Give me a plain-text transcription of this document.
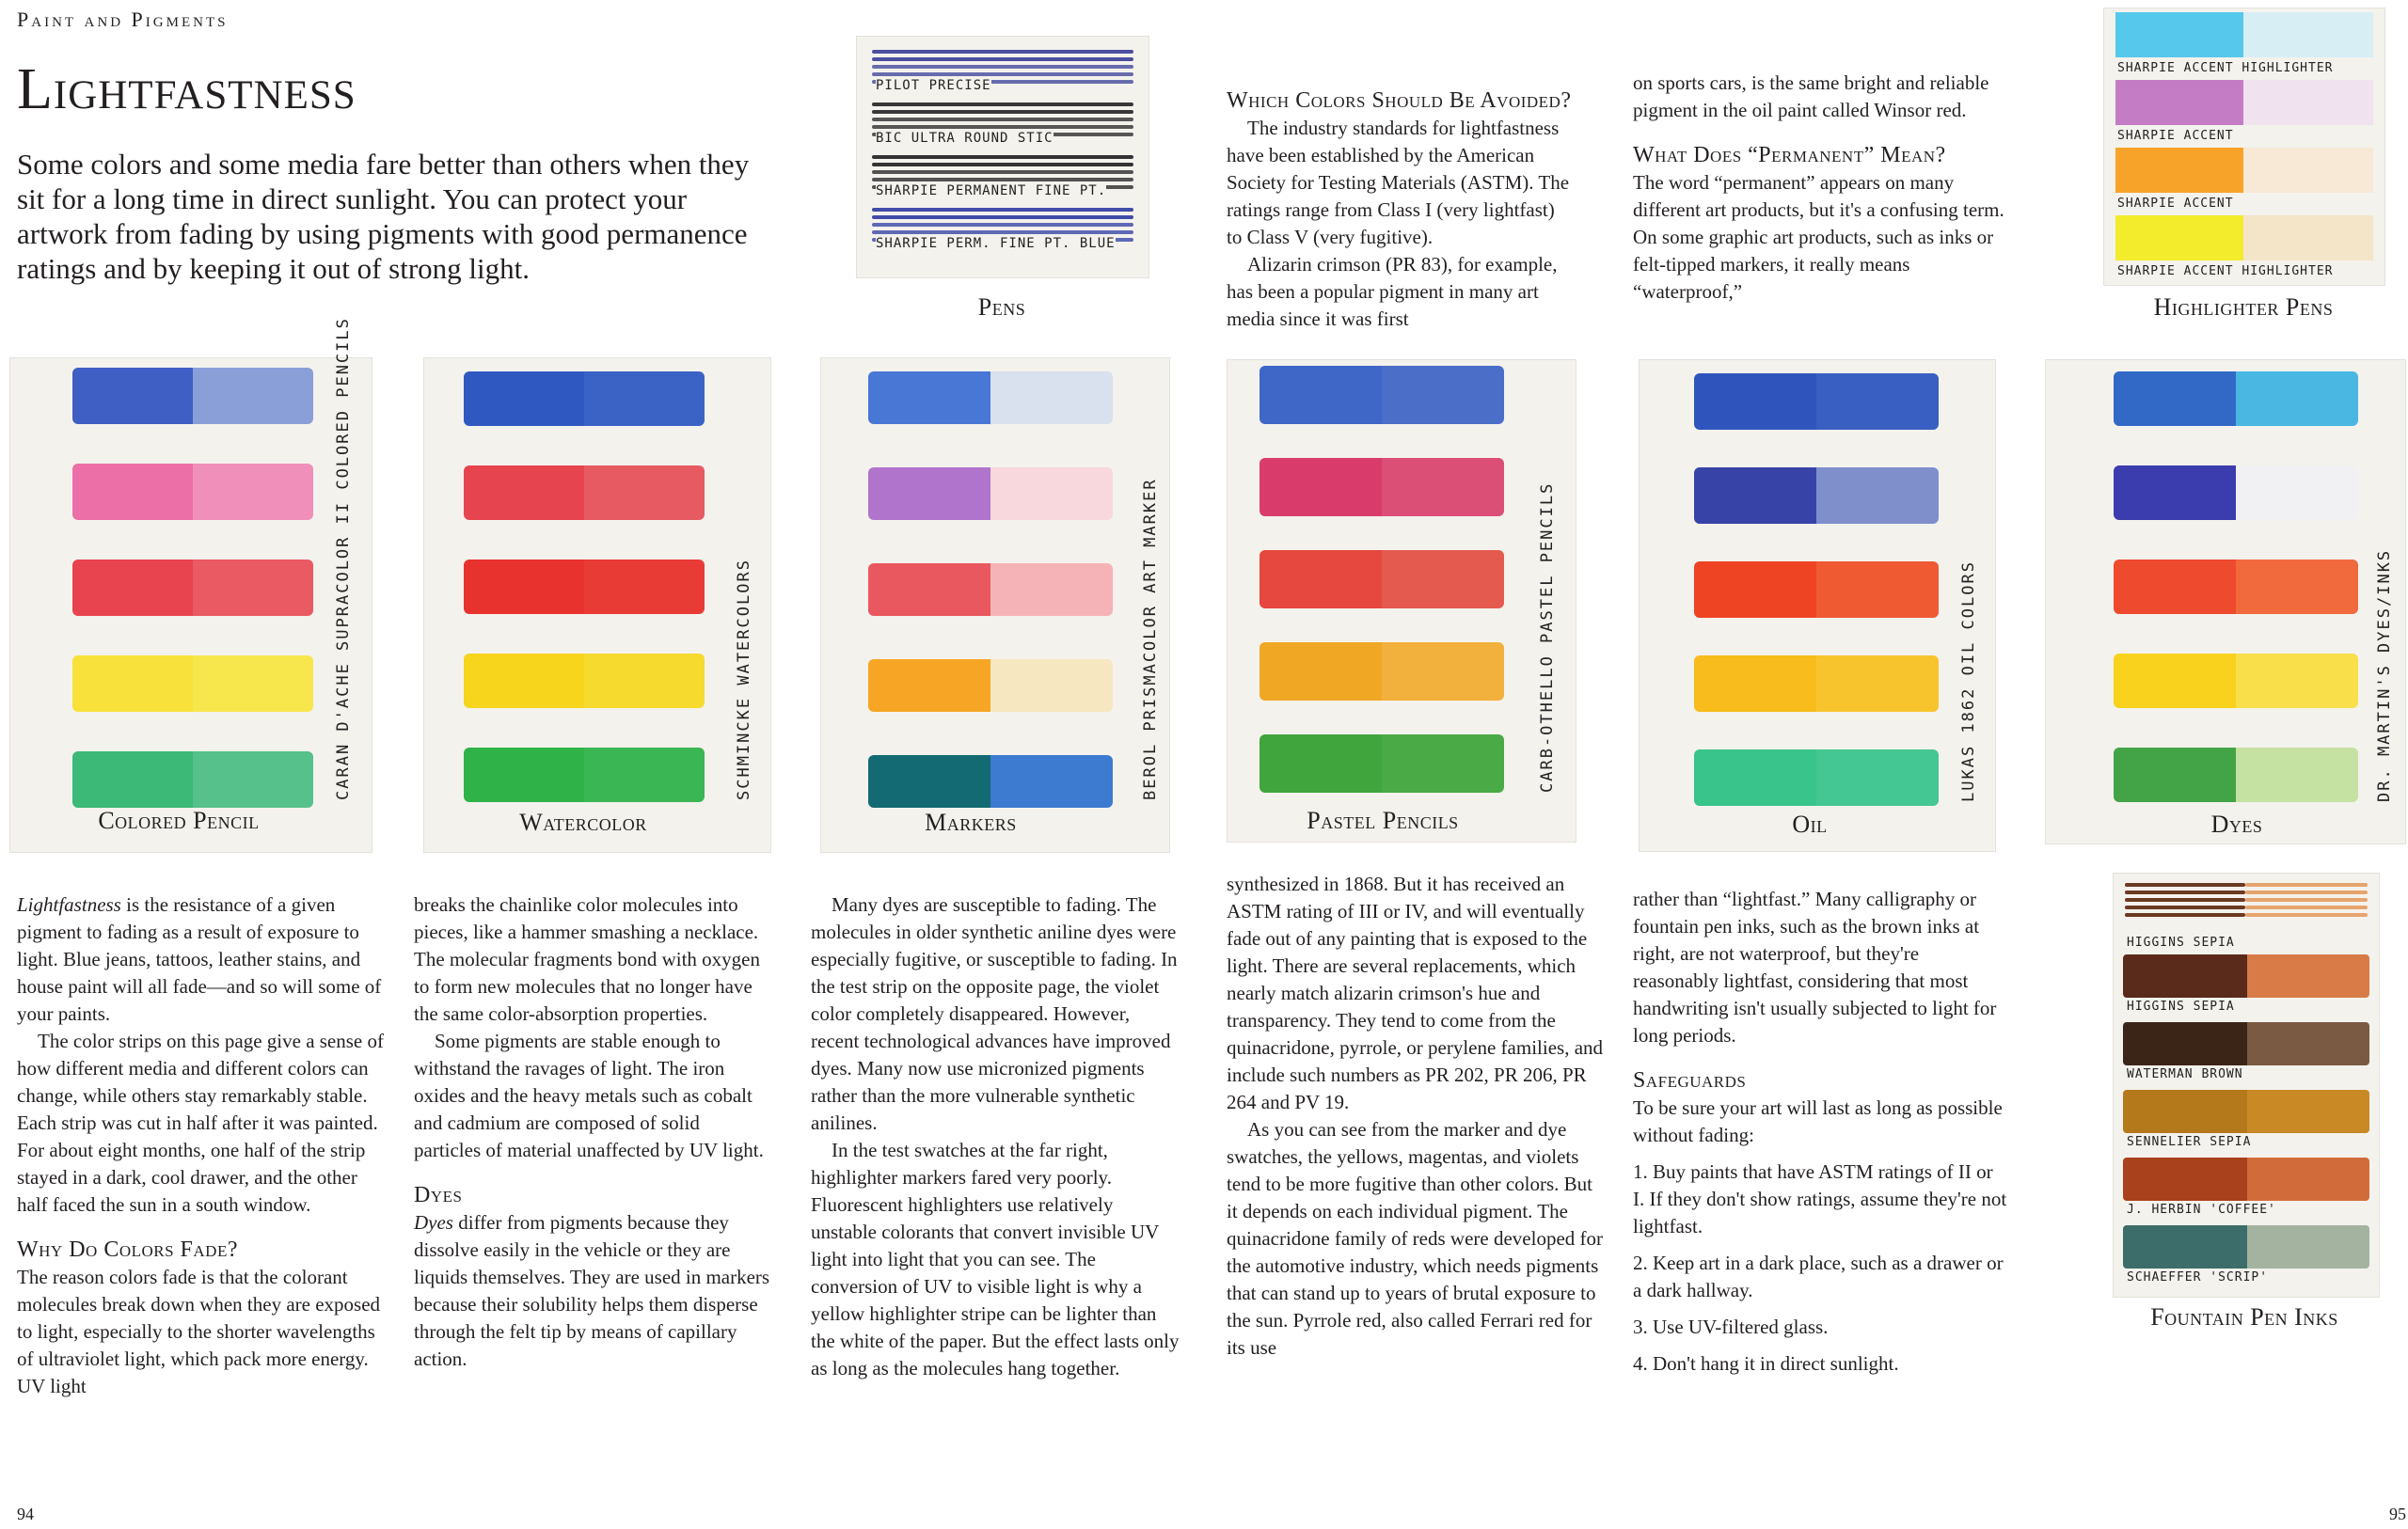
Paint and Pigments
Lightfastness
Some colors and some media fare better than others when they sit for a long time in direct sunlight. You can protect your artwork from fading by using pigments with good permanence ratings and by keeping it out of strong light.
PILOT PRECISE
BIC ULTRA ROUND STIC
SHARPIE PERMANENT FINE PT.
SHARPIE PERM. FINE PT. BLUE
Pens
SHARPIE ACCENT HIGHLIGHTER
SHARPIE ACCENT
SHARPIE ACCENT
SHARPIE ACCENT HIGHLIGHTER
Highlighter Pens
Which Colors Should Be Avoided?

The industry standards for lightfastness have been established by the American Society for Testing Materials (ASTM). The ratings range from Class I (very lightfast) to Class V (very fugitive).

Alizarin crimson (PR 83), for example, has been a popular pigment in many art media since it was first

on sports cars, is the same bright and reliable pigment in the oil paint called Winsor red.

What Does “Permanent” Mean?

The word “permanent” appears on many different art products, but it's a confusing term. On some graphic art products, such as inks or felt-tipped markers, it really means “waterproof,”

CARAN D'ACHE SUPRACOLOR II COLORED PENCILS	SCHMINCKE WATERCOLORS	BEROL PRISMACOLOR ART MARKER	CARB-OTHELLO PASTEL PENCILS	LUKAS 1862 OIL COLORS	DR. MARTIN'S DYES/INKS
Colored Pencil	Watercolor	Markers	Pastel Pencils	Oil	Dyes
HIGGINS SEPIA
HIGGINS SEPIA
WATERMAN BROWN
SENNELIER SEPIA
J. HERBIN 'COFFEE'
SCHAEFFER 'SCRIP'
Fountain Pen Inks

Lightfastness is the resistance of a given pigment to fading as a result of exposure to light. Blue jeans, tattoos, leather stains, and house paint will all fade—and so will some of your paints.

The color strips on this page give a sense of how different media and different colors can change, while others stay remarkably stable. Each strip was cut in half after it was painted. For about eight months, one half of the strip stayed in a dark, cool drawer, and the other half faced the sun in a south window.

Why Do Colors Fade?

The reason colors fade is that the colorant molecules break down when they are exposed to light, especially to the shorter wavelengths of ultraviolet light, which pack more energy. UV light

breaks the chainlike color molecules into pieces, like a hammer smashing a necklace. The molecular fragments bond with oxygen to form new molecules that no longer have the same color-absorption properties.

Some pigments are stable enough to withstand the ravages of light. The iron oxides and the heavy metals such as cobalt and cadmium are composed of solid particles of material unaffected by UV light.

Dyes

Dyes differ from pigments because they dissolve easily in the vehicle or they are liquids themselves. They are used in markers because their solubility helps them disperse through the felt tip by means of capillary action.

Many dyes are susceptible to fading. The molecules in older synthetic aniline dyes were especially fugitive, or susceptible to fading. In the test strip on the opposite page, the violet color completely disappeared. However, recent technological advances have improved dyes. Many now use micronized pigments rather than the more vulnerable synthetic anilines.

In the test swatches at the far right, highlighter markers fared very poorly. Fluorescent highlighters use relatively unstable colorants that convert invisible UV light into light that you can see. The conversion of UV to visible light is why a yellow highlighter stripe can be lighter than the white of the paper. But the effect lasts only as long as the molecules hang together.

synthesized in 1868. But it has received an ASTM rating of III or IV, and will eventually fade out of any painting that is exposed to the light. There are several replacements, which nearly match alizarin crimson's hue and transparency. They tend to come from the quinacridone, pyrrole, or perylene families, and include such numbers as PR 202, PR 206, PR 264 and PV 19.

As you can see from the marker and dye swatches, the yellows, magentas, and violets tend to be more fugitive than other colors. But it depends on each individual pigment. The quinacridone family of reds were developed for the automotive industry, which needs pigments that can stand up to years of brutal exposure to the sun. Pyrrole red, also called Ferrari red for its use

rather than “lightfast.” Many calligraphy or fountain pen inks, such as the brown inks at right, are not waterproof, but they're reasonably lightfast, considering that most handwriting isn't usually subjected to light for long periods.

Safeguards

To be sure your art will last as long as possible without fading:

1. Buy paints that have ASTM ratings of II or I. If they don't show ratings, assume they're not lightfast.

2. Keep art in a dark place, such as a drawer or a dark hallway.

3. Use UV-filtered glass.

4. Don't hang it in direct sunlight.

94	95
